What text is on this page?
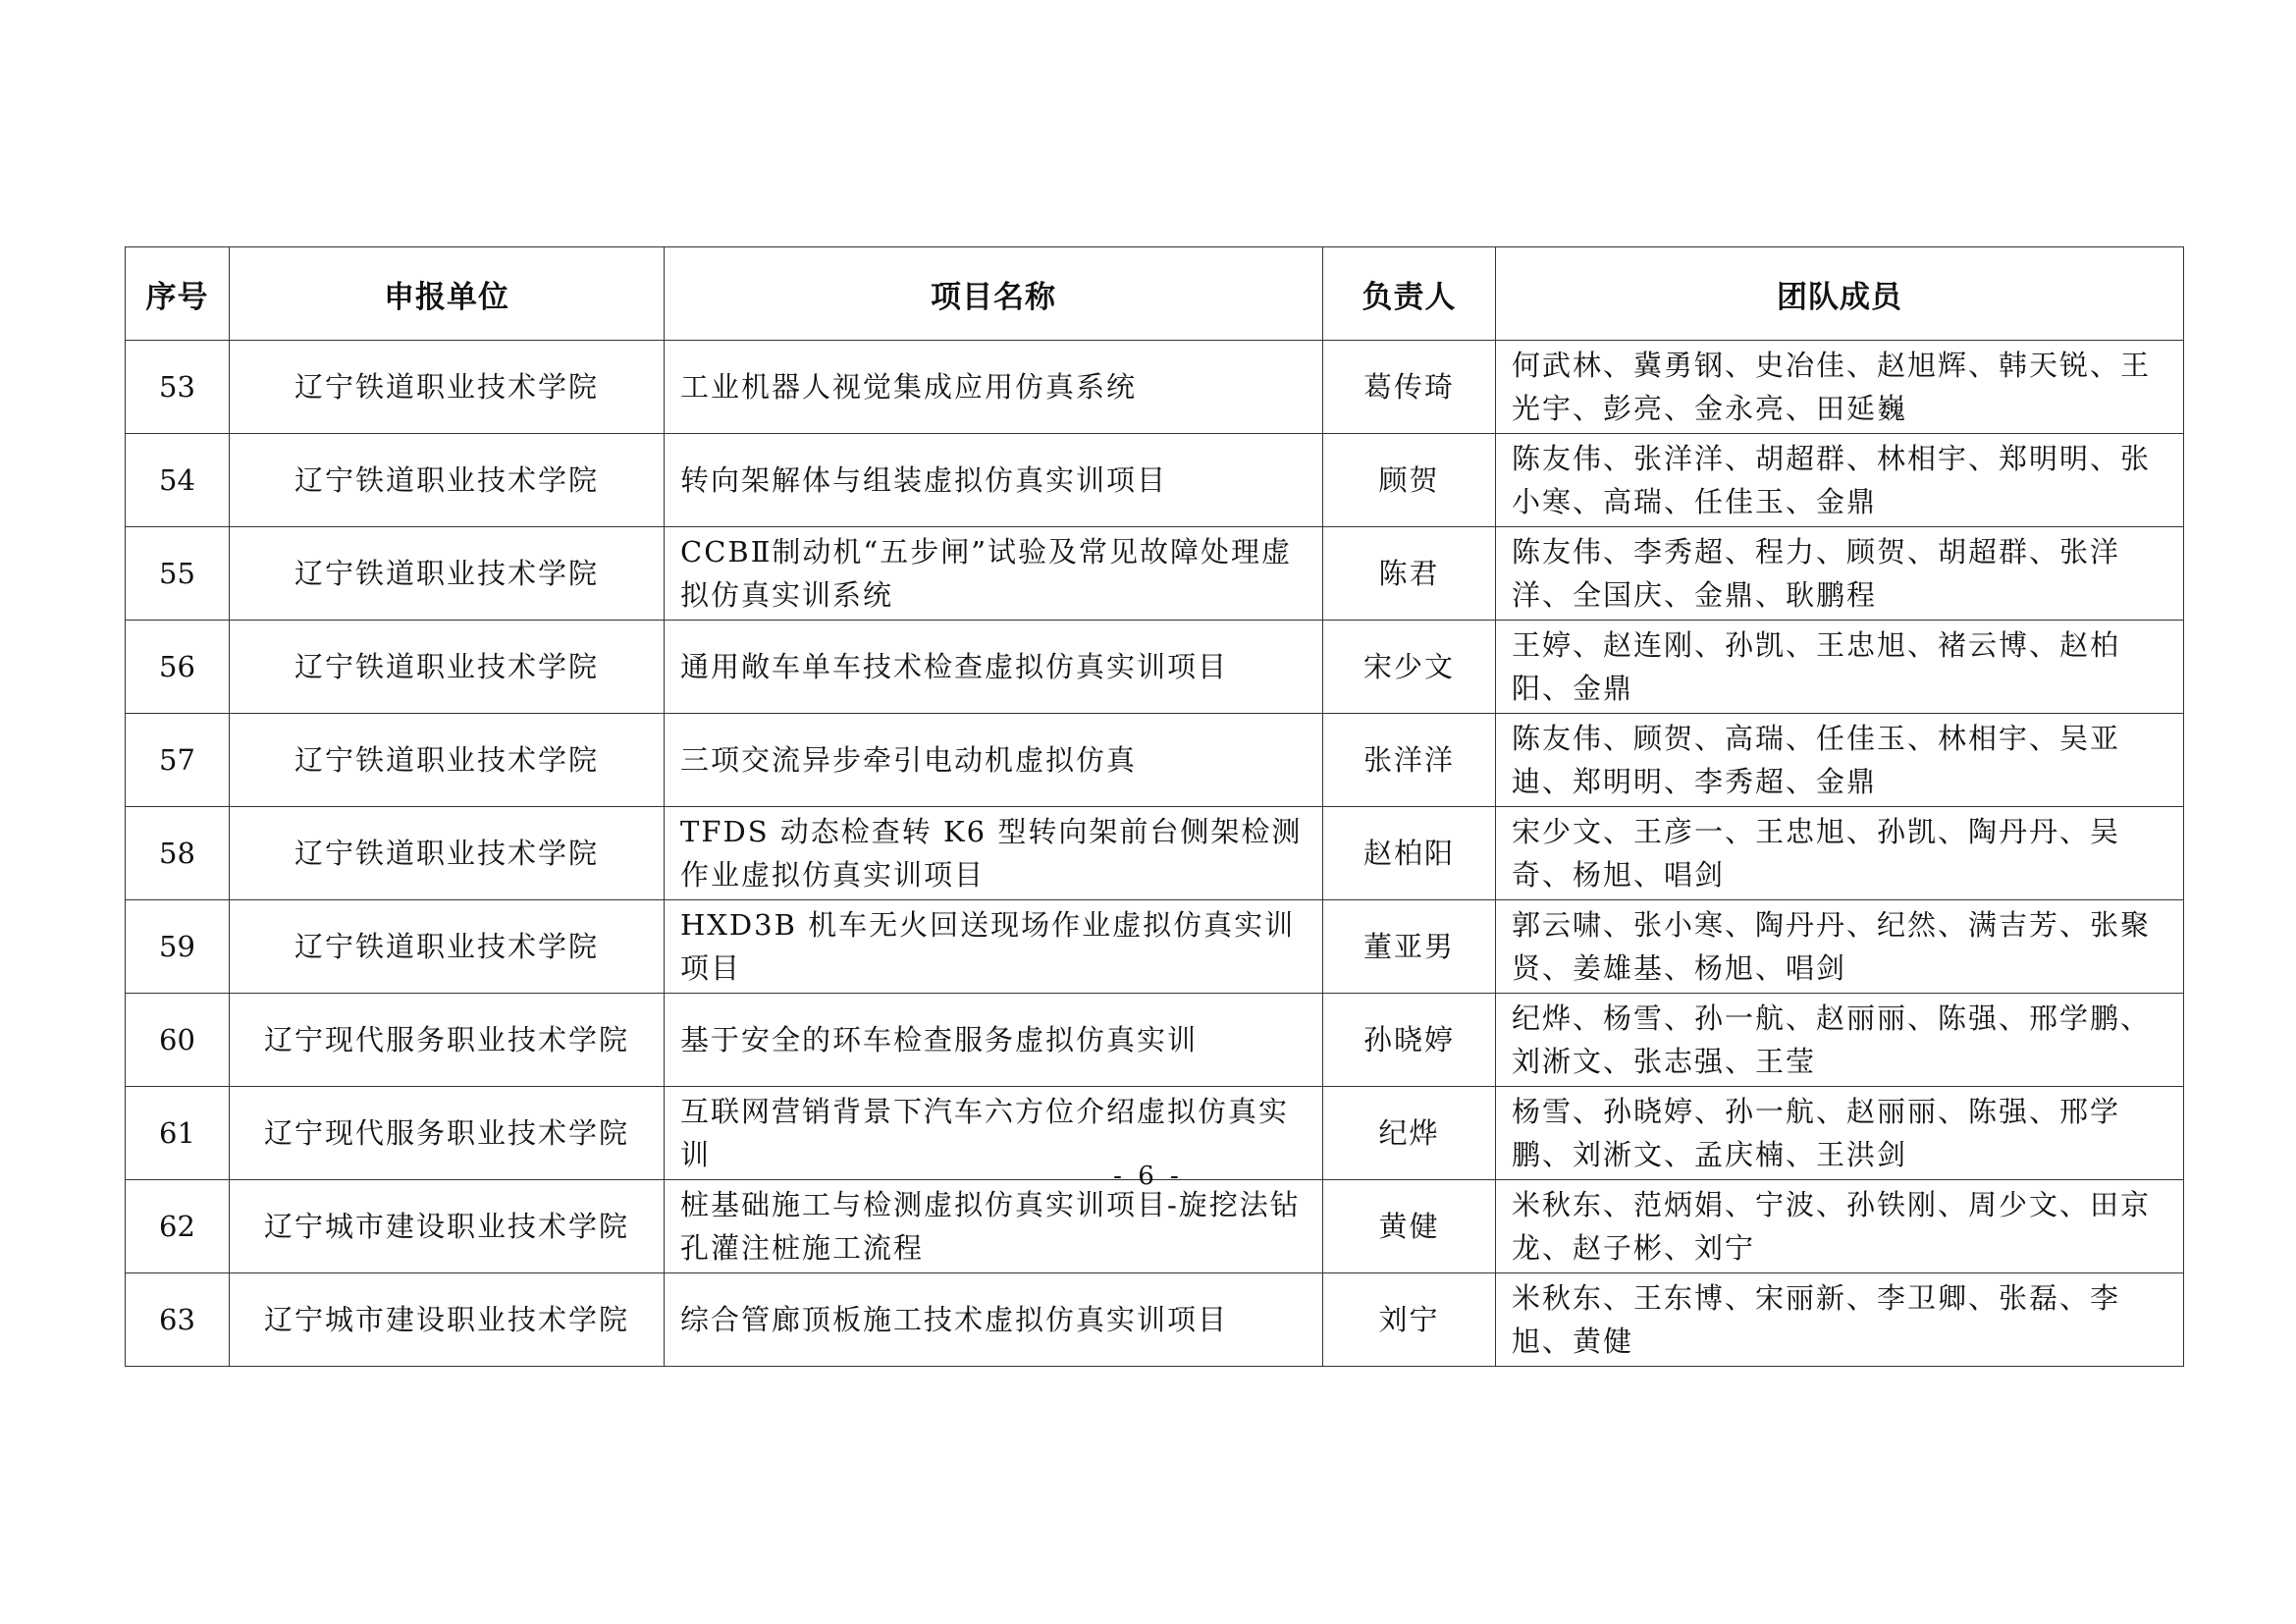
序号	申报单位	项目名称	负责人	团队成员
53	辽宁铁道职业技术学院	工业机器人视觉集成应用仿真系统	葛传琦	何武林、冀勇钢、史冶佳、赵旭辉、韩天锐、王光宇、彭亮、金永亮、田延巍
54	辽宁铁道职业技术学院	转向架解体与组装虚拟仿真实训项目	顾贺	陈友伟、张洋洋、胡超群、林相宇、郑明明、张小寒、高瑞、任佳玉、金鼎
55	辽宁铁道职业技术学院	CCBⅡ制动机“五步闸”试验及常见故障处理虚拟仿真实训系统	陈君	陈友伟、李秀超、程力、顾贺、胡超群、张洋洋、全国庆、金鼎、耿鹏程
56	辽宁铁道职业技术学院	通用敞车单车技术检查虚拟仿真实训项目	宋少文	王婷、赵连刚、孙凯、王忠旭、褚云博、赵柏阳、金鼎
57	辽宁铁道职业技术学院	三项交流异步牵引电动机虚拟仿真	张洋洋	陈友伟、顾贺、高瑞、任佳玉、林相宇、吴亚迪、郑明明、李秀超、金鼎
58	辽宁铁道职业技术学院	TFDS 动态检查转 K6 型转向架前台侧架检测作业虚拟仿真实训项目	赵柏阳	宋少文、王彦一、王忠旭、孙凯、陶丹丹、吴奇、杨旭、唱剑
59	辽宁铁道职业技术学院	HXD3B 机车无火回送现场作业虚拟仿真实训项目	董亚男	郭云啸、张小寒、陶丹丹、纪然、满吉芳、张聚贤、姜雄基、杨旭、唱剑
60	辽宁现代服务职业技术学院	基于安全的环车检查服务虚拟仿真实训	孙晓婷	纪烨、杨雪、孙一航、赵丽丽、陈强、邢学鹏、刘淅文、张志强、王莹
61	辽宁现代服务职业技术学院	互联网营销背景下汽车六方位介绍虚拟仿真实训	纪烨	杨雪、孙晓婷、孙一航、赵丽丽、陈强、邢学鹏、刘淅文、孟庆楠、王洪剑
62	辽宁城市建设职业技术学院	桩基础施工与检测虚拟仿真实训项目-旋挖法钻孔灌注桩施工流程	黄健	米秋东、范炳娟、宁波、孙铁刚、周少文、田京龙、赵子彬、刘宁
63	辽宁城市建设职业技术学院	综合管廊顶板施工技术虚拟仿真实训项目	刘宁	米秋东、王东博、宋丽新、李卫卿、张磊、李旭、黄健
- 6 -
